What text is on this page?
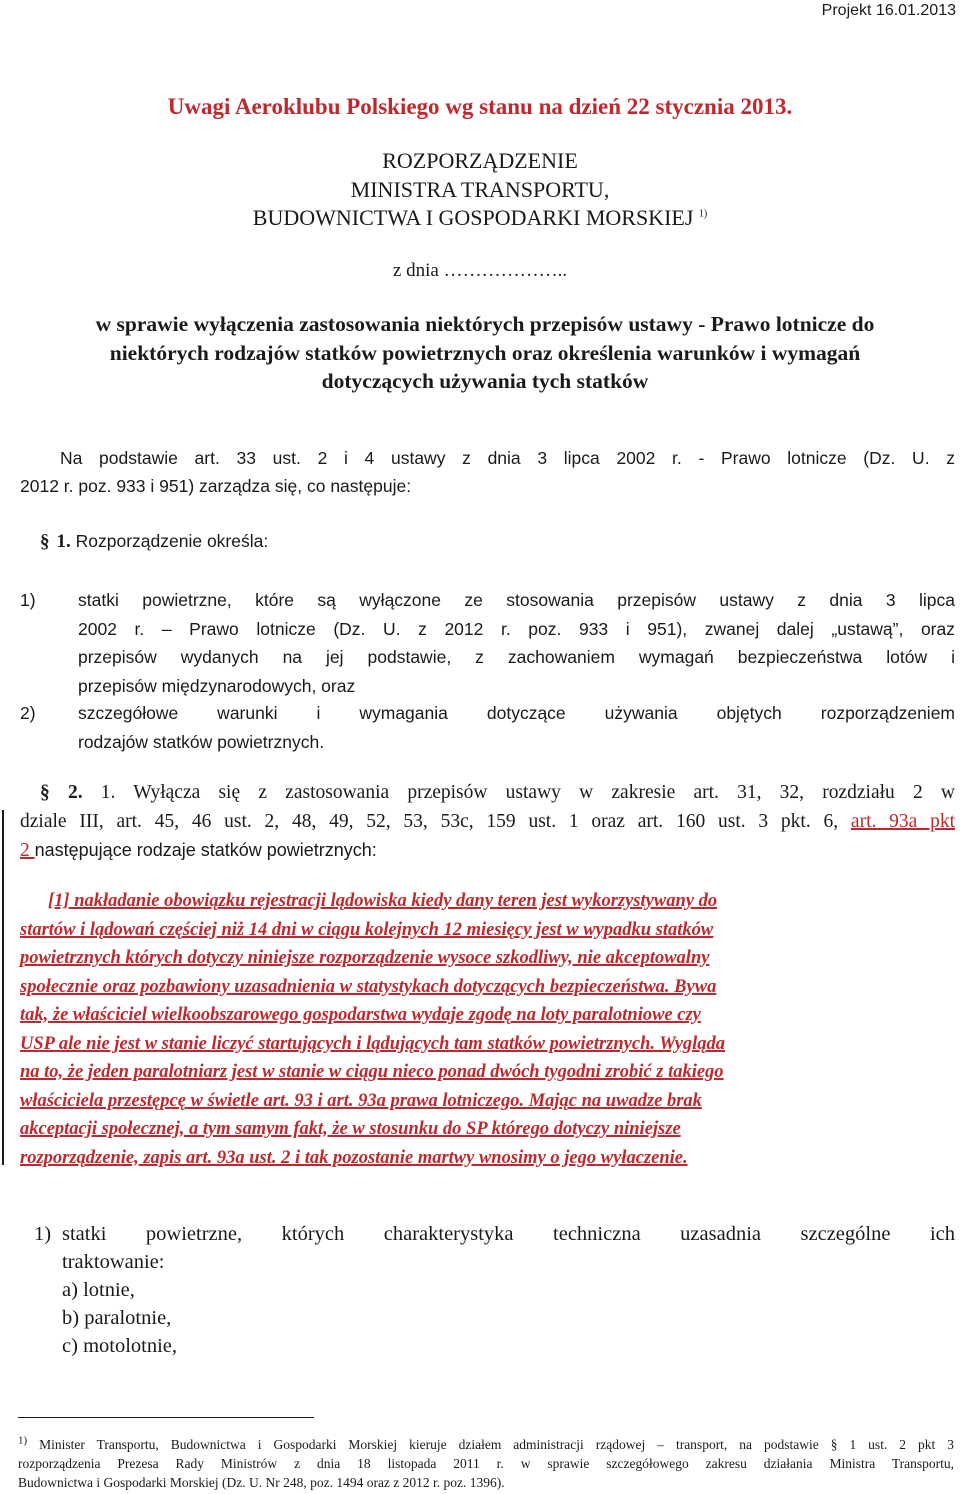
Projekt 16.01.2013
Uwagi Aeroklubu Polskiego wg stanu na dzień 22 stycznia 2013.
ROZPORZĄDZENIE
MINISTRA TRANSPORTU,
BUDOWNICTWA I GOSPODARKI MORSKIEJ $^{1)}$
z dnia ………………..
w sprawie wyłączenia zastosowania niektórych przepisów ustawy - Prawo lotnicze do
niektórych rodzajów statków powietrznych oraz określenia warunków i wymagań
dotyczących używania tych statków
Na podstawie art. 33 ust. 2 i 4 ustawy z dnia 3 lipca 2002 r. - Prawo lotnicze (Dz. U. z
2012 r. poz. 933 i 951) zarządza się, co następuje:
§ 1. Rozporządzenie określa:
1) statki powietrzne, które są wyłączone ze stosowania przepisów ustawy z dnia 3 lipca
2002 r. – Prawo lotnicze (Dz. U. z 2012 r. poz. 933 i 951), zwanej dalej „ustawą”, oraz
przepisów wydanych na jej podstawie, z zachowaniem wymagań bezpieczeństwa lotów i
przepisów międzynarodowych, oraz
2) szczegółowe warunki i wymagania dotyczące używania objętych rozporządzeniem
rodzajów statków powietrznych.
§ 2. 1. Wyłącza się z zastosowania przepisów ustawy w zakresie art. 31, 32, rozdziału 2 w
dziale III, art. 45, 46 ust. 2, 48, 49, 52, 53, 53c, 159 ust. 1 oraz art. 160 ust. 3 pkt. 6, art. 93a pkt
2 następujące rodzaje statków powietrznych:
[1] nakładanie obowiązku rejestracji lądowiska kiedy dany teren jest wykorzystywany do
startów i lądowań częściej niż 14 dni w ciągu kolejnych 12 miesięcy jest w wypadku statków
powietrznych których dotyczy niniejsze rozporządzenie wysoce szkodliwy, nie akceptowalny
społecznie oraz pozbawiony uzasadnienia w statystykach dotyczących bezpieczeństwa. Bywa
tak, że właściciel wielkoobszarowego gospodarstwa wydaje zgodę na loty paralotniowe czy
USP ale nie jest w stanie liczyć startujących i lądujących tam statków powietrznych. Wygląda
na to, że jeden paralotniarz jest w stanie w ciągu nieco ponad dwóch tygodni zrobić z takiego
właściciela przestępcę w świetle art. 93 i art. 93a prawa lotniczego. Mając na uwadze brak
akceptacji społecznej, a tym samym fakt, że w stosunku do SP którego dotyczy niniejsze
rozporządzenie, zapis art. 93a ust. 2 i tak pozostanie martwy wnosimy o jego wyłaczenie.
1) statki powietrzne, których charakterystyka techniczna uzasadnia szczególne ich
traktowanie:
a) lotnie,
b) paralotnie,
c) motolotnie,
$^{1)}$ Minister Transportu, Budownictwa i Gospodarki Morskiej kieruje działem administracji rządowej – transport, na podstawie § 1 ust. 2 pkt 3
rozporządzenia Prezesa Rady Ministrów z dnia 18 listopada 2011 r. w sprawie szczegółowego zakresu działania Ministra Transportu,
Budownictwa i Gospodarki Morskiej (Dz. U. Nr 248, poz. 1494 oraz z 2012 r. poz. 1396).
